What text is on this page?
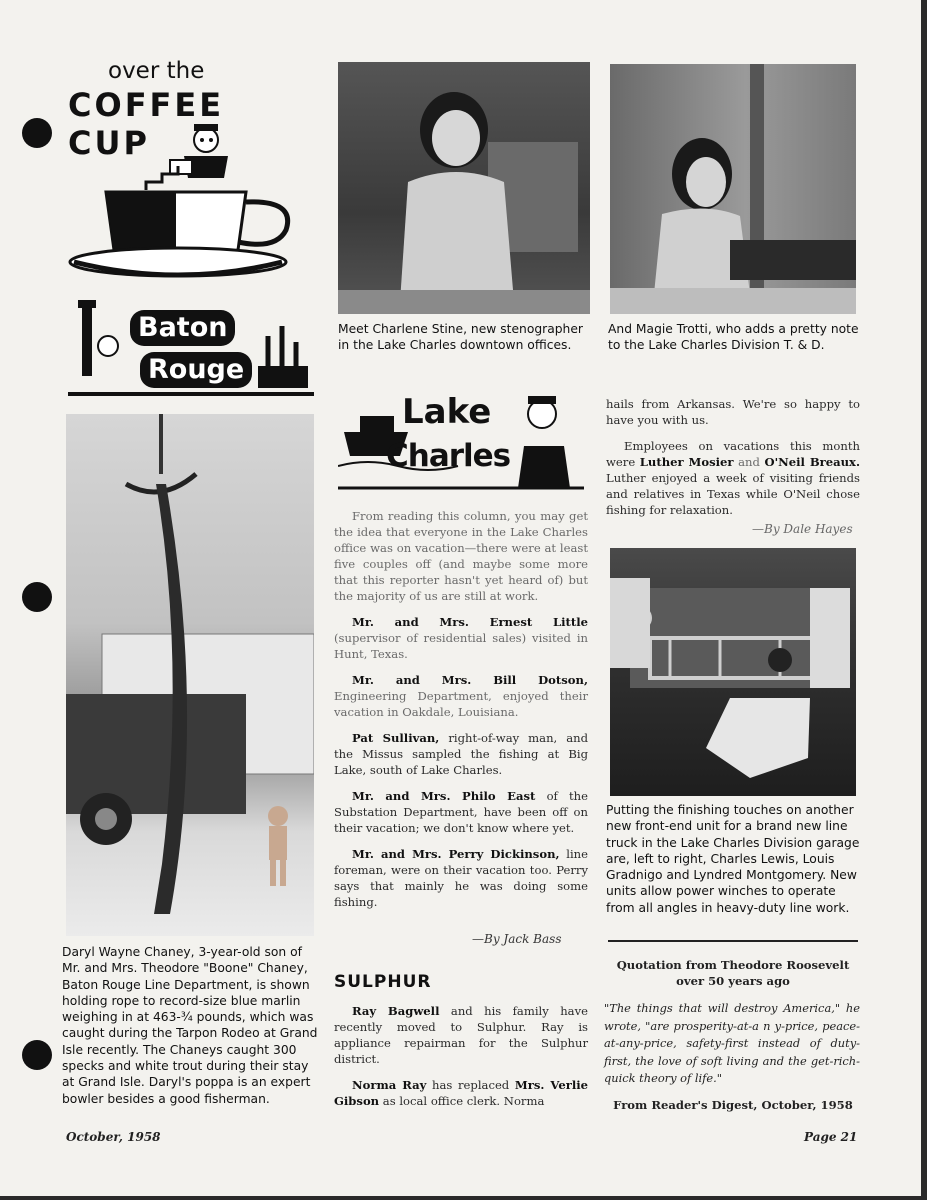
over the
COFFEE
CUP
Baton
Rouge
Daryl Wayne Chaney, 3-year-old son of Mr. and Mrs. Theodore "Boone" Chaney, Baton Rouge Line Department, is shown holding rope to record-size blue marlin weighing in at 463-¾ pounds, which was caught during the Tarpon Rodeo at Grand Isle recently. The Chaneys caught 300 specks and white trout during their stay at Grand Isle. Daryl's poppa is an expert bowler besides a good fisherman.
Meet Charlene Stine, new stenographer in the Lake Charles downtown offices.
And Magie Trotti, who adds a pretty note to the Lake Charles Division T. & D.
Lake
Charles

From reading this column, you may get the idea that everyone in the Lake Charles office was on vacation—there were at least five couples off (and maybe some more that this reporter hasn't yet heard of) but the majority of us are still at work.

Mr. and Mrs. Ernest Little (supervisor of residential sales) visited in Hunt, Texas.

Mr. and Mrs. Bill Dotson, Engineering Department, enjoyed their vacation in Oakdale, Louisiana.

Pat Sullivan, right-of-way man, and the Missus sampled the fishing at Big Lake, south of Lake Charles.

Mr. and Mrs. Philo East of the Substation Department, have been off on their vacation; we don't know where yet.

Mr. and Mrs. Perry Dickinson, line foreman, were on their vacation too. Perry says that mainly he was doing some fishing.

—By Jack Bass
SULPHUR

Ray Bagwell and his family have recently moved to Sulphur. Ray is appliance repairman for the Sulphur district.

Norma Ray has replaced Mrs. Verlie Gibson as local office clerk. Norma

hails from Arkansas. We're so happy to have you with us.

Employees on vacations this month were Luther Mosier and O'Neil Breaux. Luther enjoyed a week of visiting friends and relatives in Texas while O'Neil chose fishing for relaxation.

—By Dale Hayes
Putting the finishing touches on another new front-end unit for a brand new line truck in the Lake Charles Division garage are, left to right, Charles Lewis, Louis Gradnigo and Lyndred Montgomery. New units allow power winches to operate from all angles in heavy-duty line work.
Quotation from Theodore Roosevelt
over 50 years ago
"The things that will destroy America," he wrote, "are prosperity-at-a n y-price, peace-at-any-price, safety-first instead of duty-first, the love of soft living and the get-rich-quick theory of life."
From Reader's Digest, October, 1958
October, 1958	Page 21
